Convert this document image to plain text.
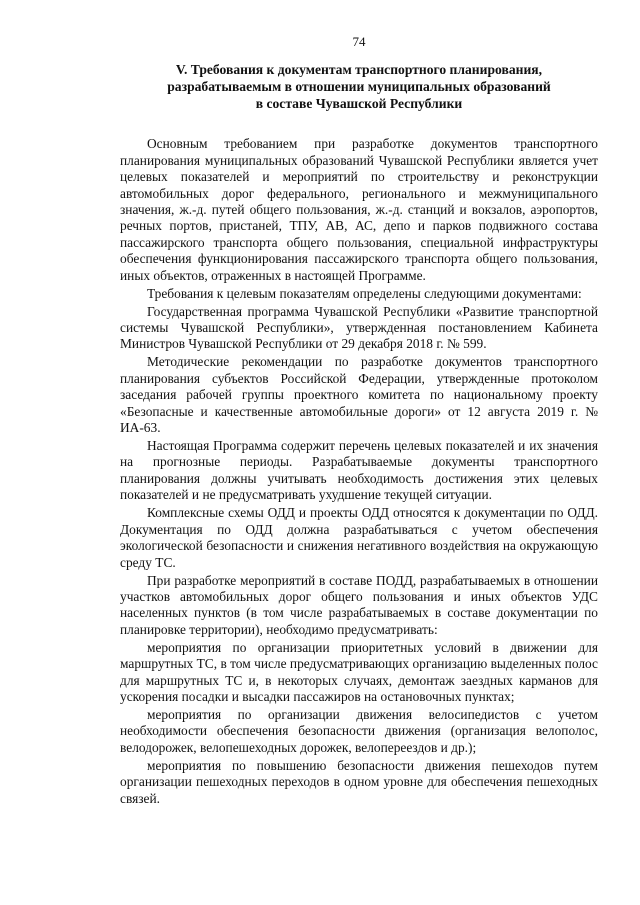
74
V. Требования к документам транспортного планирования,
разрабатываемым в отношении муниципальных образований
в составе Чувашской Республики

Основным требованием при разработке документов транспортного планирования муниципальных образований Чувашской Республики является учет целевых показателей и мероприятий по строительству и реконструкции автомобильных дорог федерального, регионального и межмуниципального значения, ж.-д. путей общего пользования, ж.-д. станций и вокзалов, аэропортов, речных портов, пристаней, ТПУ, АВ, АС, депо и парков подвижного состава пассажирского транспорта общего пользования, специальной инфраструктуры обеспечения функционирования пассажирского транспорта общего пользования, иных объектов, отраженных в настоящей Программе.

Требования к целевым показателям определены следующими документами:

Государственная программа Чувашской Республики «Развитие транспортной системы Чувашской Республики», утвержденная постановлением Кабинета Министров Чувашской Республики от 29 декабря 2018 г. № 599.

Методические рекомендации по разработке документов транспортного планирования субъектов Российской Федерации, утвержденные протоколом заседания рабочей группы проектного комитета по национальному проекту «Безопасные и качественные автомобильные дороги» от 12 августа 2019 г. № ИА-63.

Настоящая Программа содержит перечень целевых показателей и их значения на прогнозные периоды. Разрабатываемые документы транспортного планирования должны учитывать необходимость достижения этих целевых показателей и не предусматривать ухудшение текущей ситуации.

Комплексные схемы ОДД и проекты ОДД относятся к документации по ОДД. Документация по ОДД должна разрабатываться с учетом обеспечения экологической безопасности и снижения негативного воздействия на окружающую среду ТС.

При разработке мероприятий в составе ПОДД, разрабатываемых в отношении участков автомобильных дорог общего пользования и иных объектов УДС населенных пунктов (в том числе разрабатываемых в составе документации по планировке территории), необходимо предусматривать:

мероприятия по организации приоритетных условий в движении для маршрутных ТС, в том числе предусматривающих организацию выделенных полос для маршрутных ТС и, в некоторых случаях, демонтаж заездных карманов для ускорения посадки и высадки пассажиров на остановочных пунктах;

мероприятия по организации движения велосипедистов с учетом необходимости обеспечения безопасности движения (организация велополос, велодорожек, велопешеходных дорожек, велопереездов и др.);

мероприятия по повышению безопасности движения пешеходов путем организации пешеходных переходов в одном уровне для обеспечения пешеходных связей.
